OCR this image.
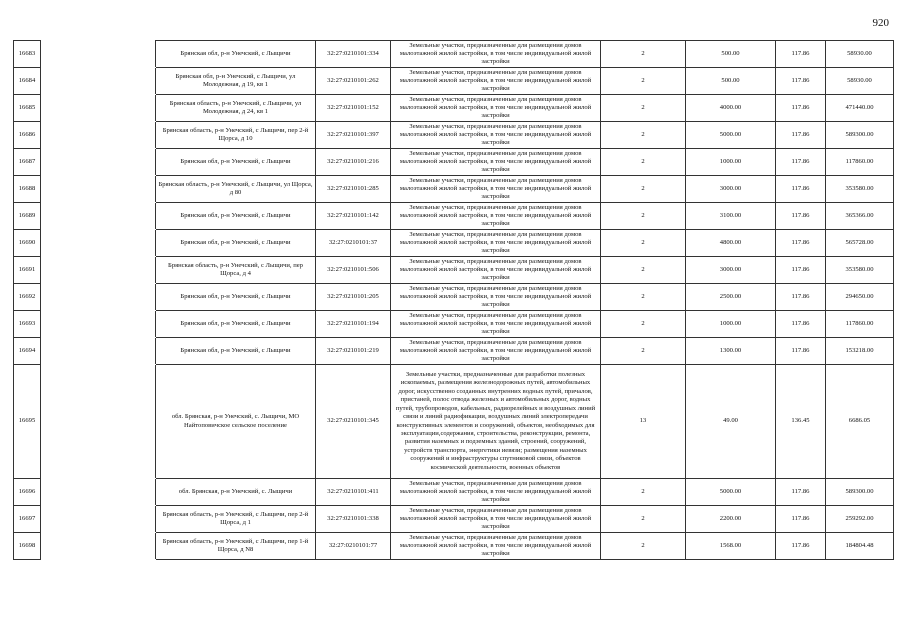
920
16683		Брянская обл, р-н Унечский, с Лыщичи	32:27:0210101:334	Земельные участки, предназначенные для размещения домов малоэтажной жилой застройки, в том числе индивидуальной жилой застройки	2	500.00	117.86	58930.00
16684		Брянская обл, р-н Унечский, с Лыщичи, ул Молодежная, д 19, кв 1	32:27:0210101:262	Земельные участки, предназначенные для размещения домов малоэтажной жилой застройки, в том числе индивидуальной жилой застройки	2	500.00	117.86	58930.00
16685		Брянская область, р-н Унечский, с Лыщичи, ул Молодежная, д 24, кв 1	32:27:0210101:152	Земельные участки, предназначенные для размещения домов малоэтажной жилой застройки, в том числе индивидуальной жилой застройки	2	4000.00	117.86	471440.00
16686		Брянская область, р-н Унечский, с Лыщичи, пер 2-й Щорса, д 10	32:27:0210101:397	Земельные участки, предназначенные для размещения домов малоэтажной жилой застройки, в том числе индивидуальной жилой застройки	2	5000.00	117.86	589300.00
16687		Брянская обл, р-н Унечский, с Лыщичи	32:27:0210101:216	Земельные участки, предназначенные для размещения домов малоэтажной жилой застройки, в том числе индивидуальной жилой застройки	2	1000.00	117.86	117860.00
16688		Брянская область, р-н Унечский, с Лыщичи, ул Щорса, д 80	32:27:0210101:285	Земельные участки, предназначенные для размещения домов малоэтажной жилой застройки, в том числе индивидуальной жилой застройки	2	3000.00	117.86	353580.00
16689		Брянская обл, р-н Унечский, с Лыщичи	32:27:0210101:142	Земельные участки, предназначенные для размещения домов малоэтажной жилой застройки, в том числе индивидуальной жилой застройки	2	3100.00	117.86	365366.00
16690		Брянская обл, р-н Унечский, с Лыщичи	32:27:0210101:37	Земельные участки, предназначенные для размещения домов малоэтажной жилой застройки, в том числе индивидуальной жилой застройки	2	4800.00	117.86	565728.00
16691		Брянская область, р-н Унечский, с Лыщичи, пер Щорса, д 4	32:27:0210101:506	Земельные участки, предназначенные для размещения домов малоэтажной жилой застройки, в том числе индивидуальной жилой застройки	2	3000.00	117.86	353580.00
16692		Брянская обл, р-н Унечский, с Лыщичи	32:27:0210101:205	Земельные участки, предназначенные для размещения домов малоэтажной жилой застройки, в том числе индивидуальной жилой застройки	2	2500.00	117.86	294650.00
16693		Брянская обл, р-н Унечский, с Лыщичи	32:27:0210101:194	Земельные участки, предназначенные для размещения домов малоэтажной жилой застройки, в том числе индивидуальной жилой застройки	2	1000.00	117.86	117860.00
16694		Брянская обл, р-н Унечский, с Лыщичи	32:27:0210101:219	Земельные участки, предназначенные для размещения домов малоэтажной жилой застройки, в том числе индивидуальной жилой застройки	2	1300.00	117.86	153218.00
16695		обл. Брянская, р-н Унечский, с. Лыщичи, МО Найтоповичское сельское поселение	32:27:0210101:345	Земельные участки, предназначенные для разработки полезных ископаемых, размещения железнодорожных путей, автомобильных дорог, искусственно созданных внутренних водных путей, причалов, пристаней, полос отвода железных и автомобильных дорог, водных путей, трубопроводов, кабельных, радиорелейных и воздушных линий связи и линий радиофикации, воздушных линий электропередачи конструктивных элементов и сооружений, объектов, необходимых для эксплуатации,содержания, строительства, реконструкции, ремонта, развития наземных и подземных зданий, строений, сооружений, устройств транспорта, энергетики иевязи; размещения наземных сооружений и инфраструктуры спутниковой связи, объектов космической деятельности, военных объектов	13	49.00	136.45	6686.05
16696		обл. Брянская, р-н Унечский, с. Лыщичи	32:27:0210101:411	Земельные участки, предназначенные для размещения домов малоэтажной жилой застройки, в том числе индивидуальной жилой застройки	2	5000.00	117.86	589300.00
16697		Брянская область, р-н Унечский, с Лыщичи, пер 2-й Щорса, д 1	32:27:0210101:338	Земельные участки, предназначенные для размещения домов малоэтажной жилой застройки, в том числе индивидуальной жилой застройки	2	2200.00	117.86	259292.00
16698		Брянская область, р-н Унечский, с Лыщичи, пер 1-й Щорса, д N8	32:27:0210101:77	Земельные участки, предназначенные для размещения домов малоэтажной жилой застройки, в том числе индивидуальной жилой застройки	2	1568.00	117.86	184804.48
